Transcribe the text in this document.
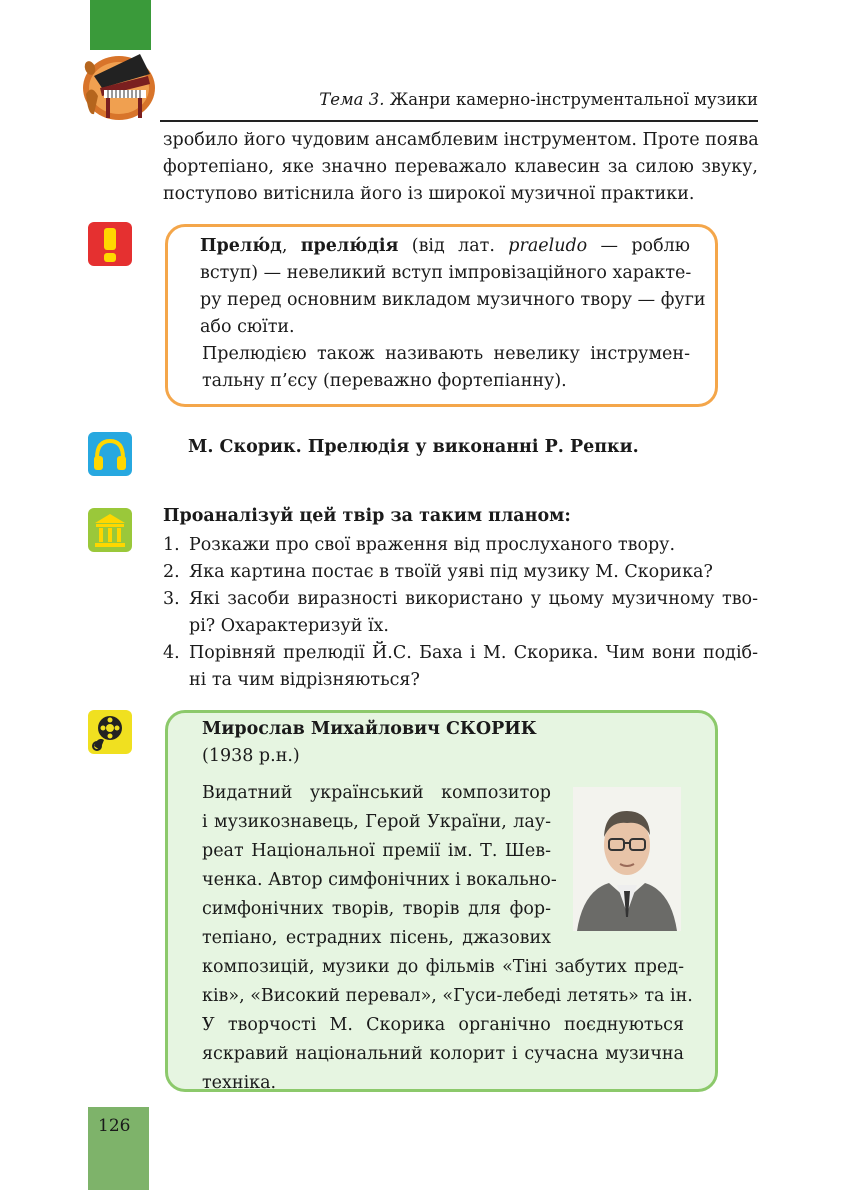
Тема 3. Жанри камерно-інструментальної музики
зробило його чудовим ансамблевим інструментом. Проте поява
фортепіано, яке значно переважало клавесин за силою звуку,
поступово витіснила його із широкої музичної практики.
Прелю́д, прелю́дія (від лат. praeludo — роблю
вступ) — невеликий вступ імпровізаційного характе-
ру перед основним викладом музичного твору — фуги
або сюїти.
Прелюдією також називають невелику інструмен-
тальну п’єсу (переважно фортепіанну).
М. Скорик. Прелюдія у виконанні Р. Репки.
Проаналізуй цей твір за таким планом:
1. Розкажи про свої враження від прослуханого твору.
2. Яка картина постає в твоїй уяві під музику М. Скорика?
3. Які засоби виразності використано у цьому музичному тво-
рі? Охарактеризуй їх.
4. Порівняй прелюдії Й.С. Баха і М. Скорика. Чим вони подіб-
ні та чим відрізняються?
Мирослав Михайлович СКОРИК
(1938 р.н.)
Видатний український композитор
і музикознавець, Герой України, лау-
реат Національної премії ім. Т. Шев-
ченка. Автор симфонічних і вокально-
симфонічних творів, творів для фор-
тепіано, естрадних пісень, джазових
композицій, музики до фільмів «Тіні забутих пред-
ків», «Високий перевал», «Гуси-лебеді летять» та ін.
У творчості М. Скорика органічно поєднуються
яскравий національний колорит і сучасна музична
техніка.
126
